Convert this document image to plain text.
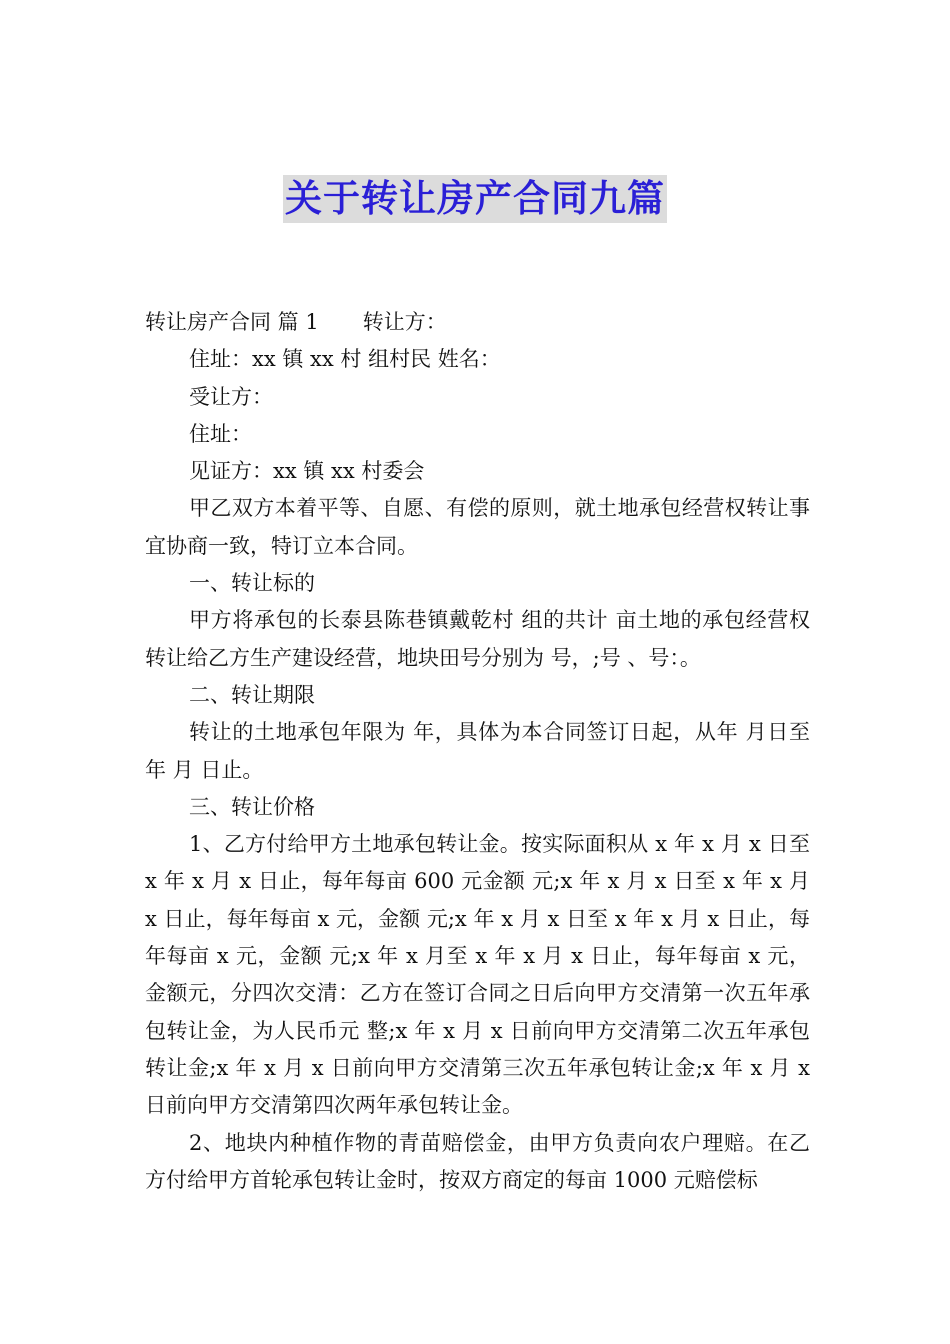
关于转让房产合同九篇

转让房产合同 篇 1 转让方：

住址：xx 镇 xx 村 组村民 姓名：

受让方：

住址：

见证方：xx 镇 xx 村委会

甲乙双方本着平等、自愿、有偿的原则，就土地承包经营权转让事宜协商一致，特订立本合同。

一、转让标的

甲方将承包的长泰县陈巷镇戴乾村 组的共计 亩土地的承包经营权转让给乙方生产建设经营，地块田号分别为 号，;号 、号：。

二、转让期限

转让的土地承包年限为 年，具体为本合同签订日起，从年 月日至 年 月 日止。

三、转让价格

1、乙方付给甲方土地承包转让金。按实际面积从 x 年 x 月 x 日至 x 年 x 月 x 日止，每年每亩 600 元金额 元;x 年 x 月 x 日至 x 年 x 月 x 日止，每年每亩 x 元，金额 元;x 年 x 月 x 日至 x 年 x 月 x 日止，每年每亩 x 元，金额 元;x 年 x 月至 x 年 x 月 x 日止，每年每亩 x 元，金额元，分四次交清：乙方在签订合同之日后向甲方交清第一次五年承包转让金，为人民币元 整;x 年 x 月 x 日前向甲方交清第二次五年承包转让金;x 年 x 月 x 日前向甲方交清第三次五年承包转让金;x 年 x 月 x 日前向甲方交清第四次两年承包转让金。

2、地块内种植作物的青苗赔偿金，由甲方负责向农户理赔。在乙方付给甲方首轮承包转让金时，按双方商定的每亩 1000 元赔偿标
